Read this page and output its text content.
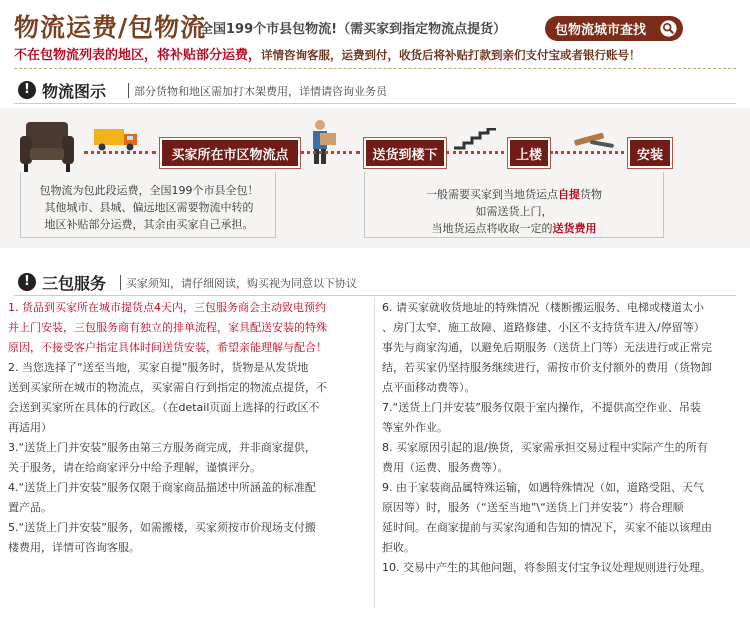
物流运费/包物流
全国199个市县包物流!（需买家到指定物流点提货）	包物流城市查找
不在包物流列表的地区，将补贴部分运费，详情咨询客服，运费到付，收货后将补贴打款到亲们支付宝或者银行账号！
! 物流图示	部分货物和地区需加打木架费用，详情请咨询业务员
买家所在市区物流点	送货到楼下	上楼	安装
包物流为包此段运费，全国199个市县全包！
其他城市、县城、偏远地区需要物流中转的
地区补贴部分运费，其余由买家自己承担。
一般需要买家到当地货运点自提货物
如需送货上门，
当地货运点将收取一定的送货费用
! 三包服务 买家须知，请仔细阅读，购买视为同意以下协议

1. 货品到买家所在城市提货点4天内，三包服务商会主动致电预约

并上门安装，三包服务商有独立的排单流程，家具配送安装的特殊

原因，不接受客户指定具体时间送货安装，希望亲能理解与配合！

2. 当您选择了“送至当地，买家自提”服务时，货物是从发货地

送到买家所在城市的物流点，买家需自行到指定的物流点提货，不

会送到买家所在具体的行政区。（在detail页面上选择的行政区不

再适用）

3.“送货上门并安装”服务由第三方服务商完成，并非商家提供，

关于服务，请在给商家评分中给予理解，谨慎评分。

4.“送货上门并安装”服务仅限于商家商品描述中所涵盖的标准配

置产品。

5.“送货上门并安装”服务，如需搬楼，买家须按市价现场支付搬

楼费用，详情可咨询客服。

6. 请买家就收货地址的特殊情况（楼断搬运服务、电梯或楼道太小

、房门太窄、施工故障、道路修建、小区不支持货车进入/停留等）

事先与商家沟通，以避免后期服务（送货上门等）无法进行或正常完

结，若买家仍坚持服务继续进行，需按市价支付额外的费用（货物卸

点平面移动费等）。

7.“送货上门并安装”服务仅限于室内操作，不提供高空作业、吊装

等室外作业。

8. 买家原因引起的退/换货，买家需承担交易过程中实际产生的所有

费用（运费、服务费等）。

9. 由于家装商品属特殊运输，如遇特殊情况（如，道路受阻、天气

原因等）时，服务（“送至当地”\“送货上门并安装”）将合理顺

延时间。在商家提前与买家沟通和告知的情况下，买家不能以该理由

拒收。

10. 交易中产生的其他问题，将参照支付宝争议处理规则进行处理。
